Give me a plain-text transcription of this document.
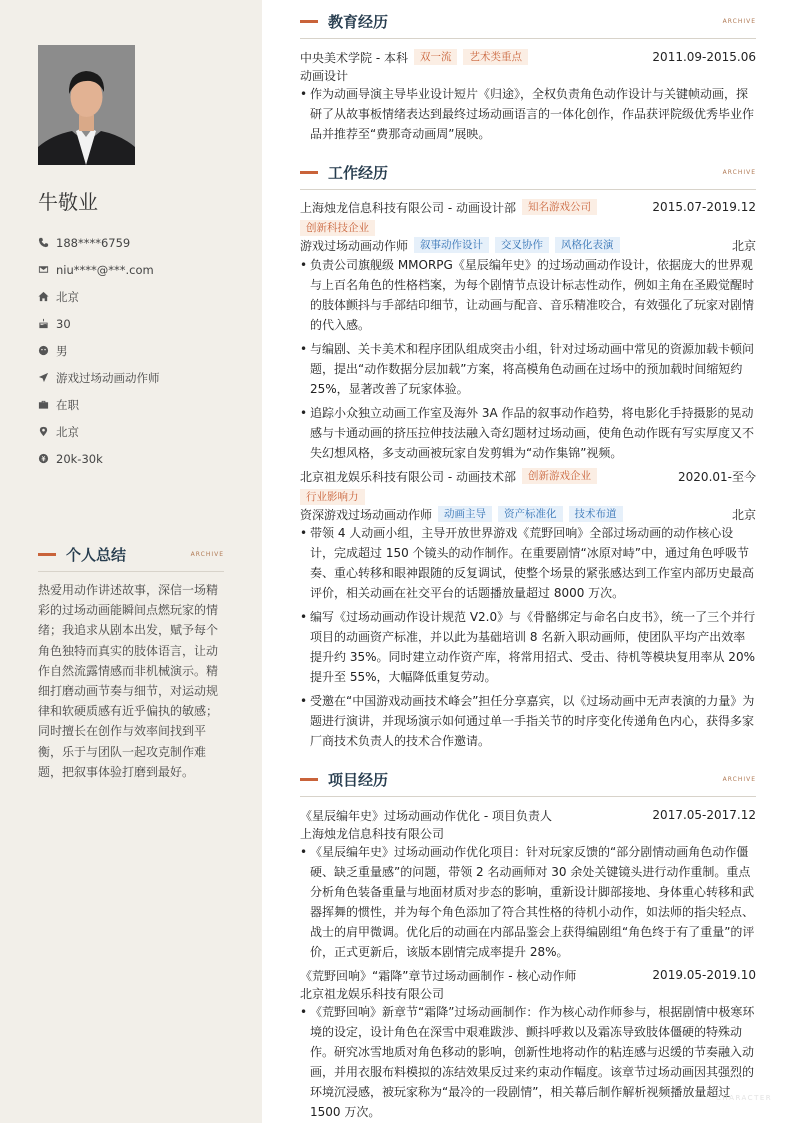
牛敬业
188****6759
niu****@***.com
北京
30
男
游戏过场动画动作师
在职
北京
20k-30k
个人总结	ARCHIVE

热爱用动作讲述故事，深信一场精彩的过场动画能瞬间点燃玩家的情绪；我追求从剧本出发，赋予每个角色独特而真实的肢体语言，让动作自然流露情感而非机械演示。精细打磨动画节奏与细节，对运动规律和软硬质感有近乎偏执的敏感；同时擅长在创作与效率间找到平衡，乐于与团队一起攻克制作难题，把叙事体验打磨到最好。

教育经历	ARCHIVE
中央美术学院 - 本科	双一流	艺术类重点	2011.09-2015.06
动画设计
• 作为动画导演主导毕业设计短片《归途》，全权负责角色动作设计与关键帧动画，探研了从故事板情绪表达到最终过场动画语言的一体化创作，作品获评院级优秀毕业作品并推荐至“费那奇动画周”展映。
工作经历	ARCHIVE
上海烛龙信息科技有限公司 - 动画设计部	知名游戏公司	2015.07-2019.12
创新科技企业
游戏过场动画动作师	叙事动作设计	交叉协作	风格化表演	北京
• 负责公司旗舰级 MMORPG《星辰编年史》的过场动画动作设计，依据庞大的世界观与上百名角色的性格档案，为每个剧情节点设计标志性动作，例如主角在圣殿觉醒时的肢体颤抖与手部结印细节，让动画与配音、音乐精准咬合，有效强化了玩家对剧情的代入感。
• 与编剧、关卡美术和程序团队组成突击小组，针对过场动画中常见的资源加载卡顿问题，提出“动作数据分层加载”方案，将高模角色动画在过场中的预加载时间缩短约 25%，显著改善了玩家体验。
• 追踪小众独立动画工作室及海外 3A 作品的叙事动作趋势，将电影化手持摄影的晃动感与卡通动画的挤压拉伸技法融入奇幻题材过场动画，使角色动作既有写实厚度又不失幻想风格，多支动画被玩家自发剪辑为“动作集锦”视频。
北京祖龙娱乐科技有限公司 - 动画技术部	创新游戏企业	2020.01-至今
行业影响力
资深游戏过场动画动作师	动画主导	资产标准化	技术布道	北京
• 带领 4 人动画小组，主导开放世界游戏《荒野回响》全部过场动画的动作核心设计，完成超过 150 个镜头的动作制作。在重要剧情“冰原对峙”中，通过角色呼吸节奏、重心转移和眼神跟随的反复调试，使整个场景的紧张感达到工作室内部历史最高评价，相关动画在社交平台的话题播放量超过 8000 万次。
• 编写《过场动画动作设计规范 V2.0》与《骨骼绑定与命名白皮书》，统一了三个并行项目的动画资产标准，并以此为基础培训 8 名新入职动画师，使团队平均产出效率提升约 35%。同时建立动作资产库，将常用招式、受击、待机等模块复用率从 20% 提升至 55%，大幅降低重复劳动。
• 受邀在“中国游戏动画技术峰会”担任分享嘉宾，以《过场动画中无声表演的力量》为题进行演讲，并现场演示如何通过单一手指关节的时序变化传递角色内心，获得多家厂商技术负责人的技术合作邀请。
项目经历	ARCHIVE
《星辰编年史》过场动画动作优化 - 项目负责人	2017.05-2017.12
上海烛龙信息科技有限公司
• 《星辰编年史》过场动画动作优化项目：针对玩家反馈的“部分剧情动画角色动作僵硬、缺乏重量感”的问题，带领 2 名动画师对 30 余处关键镜头进行动作重制。重点分析角色装备重量与地面材质对步态的影响，重新设计脚部接地、身体重心转移和武器挥舞的惯性，并为每个角色添加了符合其性格的待机小动作，如法师的指尖轻点、战士的肩甲微调。优化后的动画在内部品鉴会上获得编剧组“角色终于有了重量”的评价，正式更新后，该版本剧情完成率提升 28%。
《荒野回响》“霜降”章节过场动画制作 - 核心动作师	2019.05-2019.10
北京祖龙娱乐科技有限公司
• 《荒野回响》新章节“霜降”过场动画制作：作为核心动作师参与，根据剧情中极寒环境的设定，设计角色在深雪中艰难跋涉、颤抖呼救以及霜冻导致肢体僵硬的特殊动作。研究冰雪地质对角色移动的影响，创新性地将动作的粘连感与迟缓的节奏融入动画，并用衣服布料模拟的冻结效果反过来约束动作幅度。该章节过场动画因其强烈的环境沉浸感，被玩家称为“最冷的一段剧情”，相关幕后制作解析视频播放量超过 1500 万次。
CHARACTER
